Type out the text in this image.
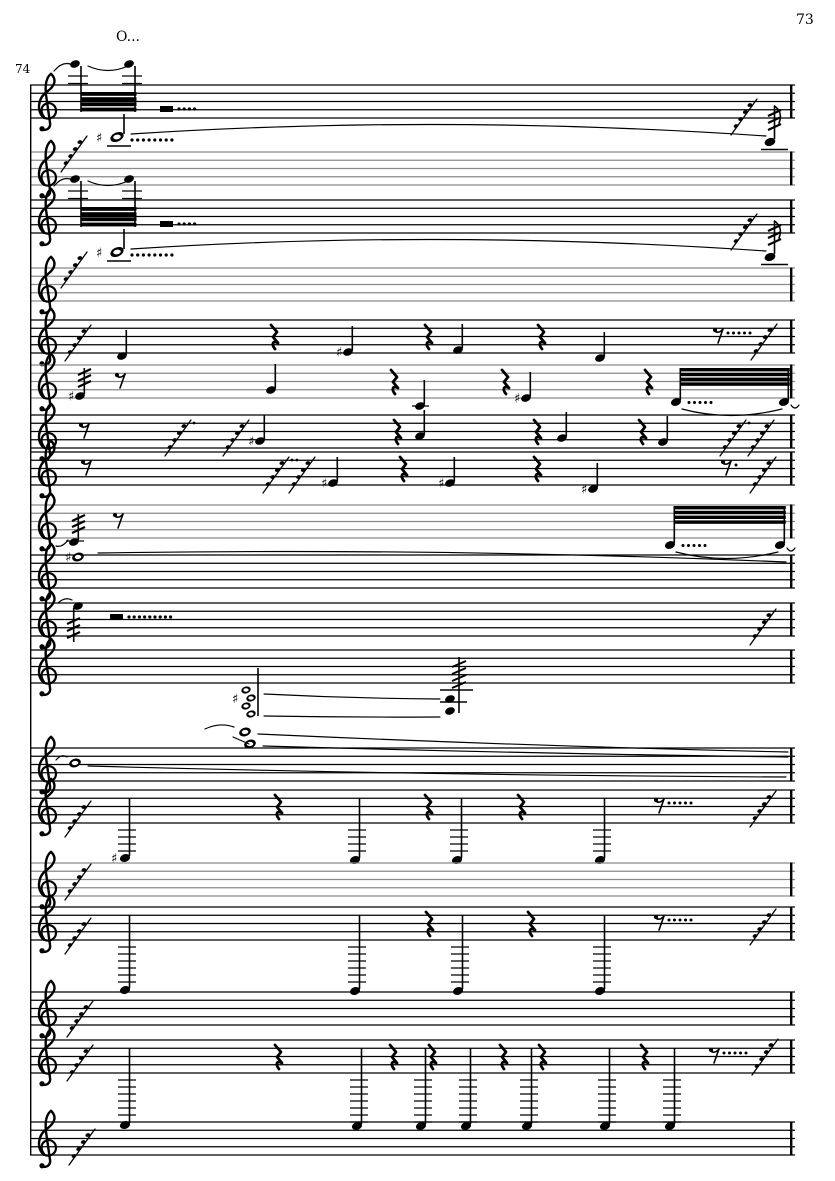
♯
♯
♯
♯	♯
♯
♯	♯	♯
♯
♯
♯
73
74
O...
